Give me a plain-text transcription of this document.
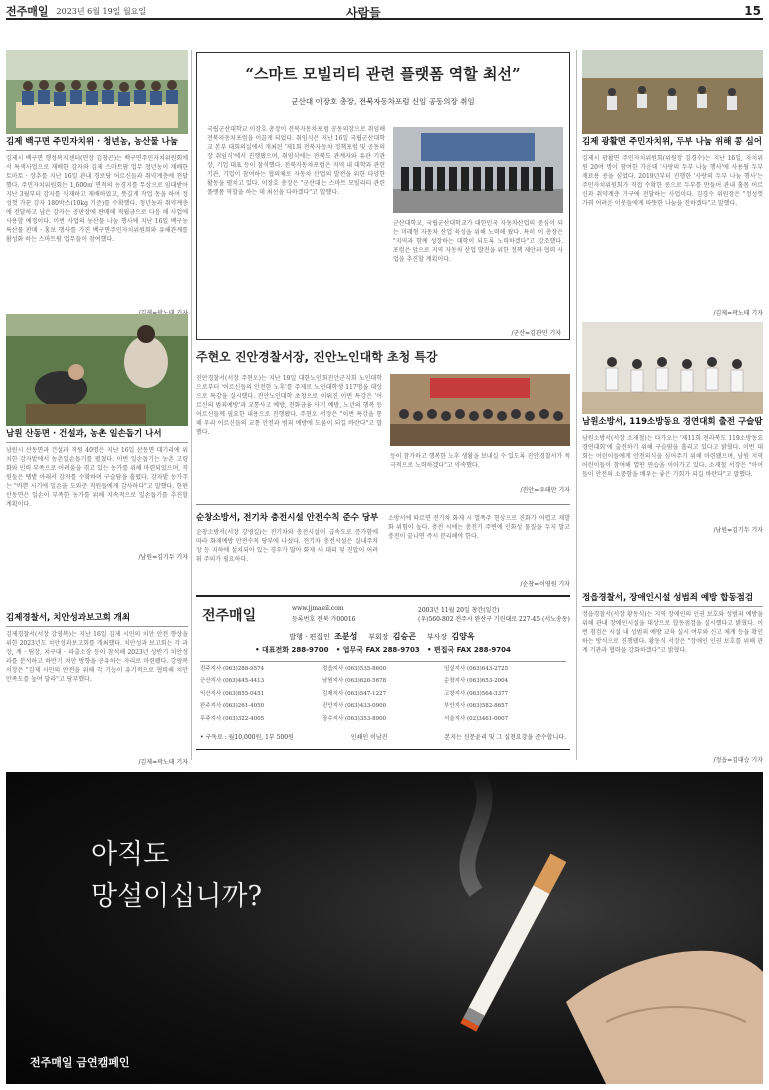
전주매일 2023년 6월 19일 월요일	사람들	15
김제 백구면 주민자치위 · 청년농, 농산물 나눔
김제시 백구면 행정복지센터(면장 김창곤)는 백구면주민자치위원회에서 특색사업으로 재배한 감자와 김제 스마트팜 업무 청년농이 재배한 토마토 · 상추를 지난 16일 관내 경로당 어르신들과 취약계층에 전달했다. 주민자치위원회는 1,600㎡ 면적의 농경지를 무상으로 임대받아 지난 3월부터 감자를 식재하고 재배하였고, 뜻깊게 작업 동을 하여 정성껏 가꾼 감자 180박스(10kg 기준)를 수확했다. 청년농과 취약계층에 전달하고 남은 감자는 공판장에 판매해 적립금으로 다음 해 사업에 사용할 예정이다. 이번 사업의 농산물 나눔 행사에 지난 16일 백구농특산물 판매 · 홍보 행사를 가진 백구면주민자치위원회와 유해관계를 활성화 하는 스마트팜 업무들이 참여했다.
남원 산동면 · 건설과, 농촌 일손돕기 나서
남원시 산동면과 건설과 직원 40명은 지난 16일 산동면 대기리에 위치한 감자밭에서 농촌일손돕기를 펼쳤다. 이번 일손돕기는 농촌 고령화와 인력 부족으로 어려움을 겪고 있는 농가를 위해 마련되었으며, 직원들은 땡볕 아래서 감자를 수확하며 구슬땀을 흘렸다. 감자밭 농가주는 "바쁜 시기에 일손을 도와준 직원들에게 감사하다"고 말했다. 한편 산동면은 일손이 부족한 농가를 위해 지속적으로 일손돕기를 추진할 계획이다.
/남원=김기두 기자
김제경찰서, 치안성과보고회 개최
김제경찰서(서장 강영복)는 지난 16일 김제 시민의 치안 안전 향상을 위한 2023년도 치안성과보고회를 개최했다. 치안성과 보고회는 각 과장, 계 · 팀장, 지구대 · 파출소장 등이 참석해 2023년 상반기 치안성과를 분석하고 하반기 치안 방향을 공유하는 자리로 마련됐다. 강영복 서장은 "김제 시민의 안전을 위해 각 기능이 유기적으로 협력해 치안 만족도를 높여 달라"고 당부했다.
/김제=곽노태 기자
“스마트 모빌리티 관련 플랫폼 역할 최선”
군산대 이장호 총장, 전북자동차포럼 신임 공동의장 취임
국립군산대학교 이장호 총장이 전북자동차포럼 공동의장으로 취임해 전북자동차포럼을 이끌게 되었다. 취임식은 지난 16일 국립군산대학교 본부 대회의실에서 개최된 '제1회 전북자동차 정책포럼 및 공동의장 취임식'에서 진행됐으며, 취임식에는 전북도 관계자와 유관 기관장, 기업 대표 등이 참석했다. 전북자동차포럼은 지역 내 대학과 관련 기관, 기업이 참여하는 협의체로 자동차 산업의 발전을 위한 다양한 활동을 펼치고 있다. 이장호 총장은 "군산대는 스마트 모빌리티 관련 플랫폼 역할을 하는 데 최선을 다하겠다"고 말했다.
군산대학교, 국립군산대학교가 대한민국 자동차산업의 중심이 되는 미래형 자동차 산업 육성을 위해 노력해 왔다. 특히 이 총장은 "지역과 함께 성장하는 대학이 되도록 노력하겠다"고 강조했다. 포럼은 앞으로 지역 자동차 산업 발전을 위한 정책 제안과 협력 사업을 추진할 계획이다.
/군산=김관민 기자
주현오 진안경찰서장, 진안노인대학 초청 특강
진안경찰서(서장 주현오)는 지난 19일 대한노인회진안군지회 노인대학으로부터 '어르신들의 안전한 노후'를 주제로 노인대학생 117명을 대상으로 특강을 실시했다. 진안노인대학 초청으로 이뤄진 이번 특강은 '어르신의 범죄예방'과 교통사고 예방, 전화금융 사기 예방, 노년의 행복 등 어르신들께 필요한 내용으로 진행됐다. 주현오 서장은 "이번 특강을 통해 우리 어르신들의 교통 안전과 범죄 예방에 도움이 되길 바란다"고 말했다.
등이 참가하고 행복한 노후 생활을 보내실 수 있도록 진안경찰서가 적극적으로 노력하겠다"고 약속했다.
/진안=우태만 기자
순창소방서, 전기차 충전시설 안전수칙 준수 당부
순창소방서(서장 강영길)는 전기차와 충전시설이 급속도로 증가함에 따라 화재예방 안전수칙 당부에 나섰다. 전기차 충전시설은 실내주차장 등 지하에 설치되어 있는 경우가 많아 화재 시 대피 및 진압이 어려워 주의가 필요하다.
소방서에 따르면 전기차 화재 시 열폭주 현상으로 진화가 어렵고 재발화 위험이 높다. 충전 시에는 충전기 주변에 인화성 물질을 두지 말고 충전이 끝나면 즉시 분리해야 한다.
/순창=이영원 기자
전주매일	www.jjmaeil.com
등록번호 전북 가00016
2003년 11월 20일 창간(일간)
(우)560-802 전주시 완산구 기린대로 227-45 (서노송동)
발행 · 편집인 조분성 부회장 김승곤 부사장 김양옥
• 대표전화 288-9700 • 업무국 FAX 288-9703 • 편집국 FAX 288-9704
전주지사 (063)288-9574	정읍지사 (063)535-8600	임실지사 (063)643-2725
군산지사 (063)445-4413	남원지사 (063)626-5678	순창지사 (063)653-2004
익산지사 (063)855-0451	김제지사 (063)547-1227	고창지사 (063)564-3377
완주지사 (063)261-4050	진안지사 (063)433-0900	부안지사 (063)582-8657
무주지사 (063)322-4005	장수지사 (063)353-8900	서울지사 (02)3461-0007
• 구독료 : 월10,000원, 1부 500원	인쇄인 이남진	본지는 신문윤리 및 그 실천요강을 준수합니다.
김제 광활면 주민자치위, 두부 나눔 위해 콩 심어
김제시 광활면 주민자치위원회(위원장 김경수)는 지난 16일, 자치위원 20여 명이 참여한 가운데 '사랑의 두부 나눔 행사'에 사용될 두부 재료용 콩을 심었다. 2019년부터 진행한 '사랑의 두부 나눔 행사'는 주민자치위원회가 직접 수확한 콩으로 두부를 만들어 관내 홀몸 어르신과 취약계층 가구에 전달하는 사업이다. 김경수 위원장은 "정성껏 가꿔 어려운 이웃들에게 따뜻한 나눔을 전하겠다"고 말했다.
/김제=곽노태 기자
남원소방서, 119소방동요 경연대회 출전 구슬땀
남원소방서(서장 소재철)는 다가오는 '제11회 전라북도 119소방동요 경연대회'에 출전하기 위해 구슬땀을 흘리고 있다고 밝혔다. 이번 대회는 어린이들에게 안전의식을 심어주기 위해 마련됐으며, 남원 지역 어린이들이 참여해 열띤 연습을 이어가고 있다. 소재철 서장은 "아이들이 안전의 소중함을 배우는 좋은 기회가 되길 바란다"고 말했다.
/남원=김기두 기자
정읍경찰서, 장애인시설 성범죄 예방 합동점검
정읍경찰서(서장 황동식)는 지역 장애인의 인권 보호와 성범죄 예방을 위해 관내 장애인시설을 대상으로 합동점검을 실시했다고 밝혔다. 이번 점검은 시설 내 성범죄 예방 교육 실시 여부와 신고 체계 등을 확인하는 방식으로 진행됐다. 황동식 서장은 "장애인 인권 보호를 위해 관계 기관과 협력을 강화하겠다"고 밝혔다.
/정읍=김대승 기자
아직도
망설이십니까?
전주매일 금연캠페인
